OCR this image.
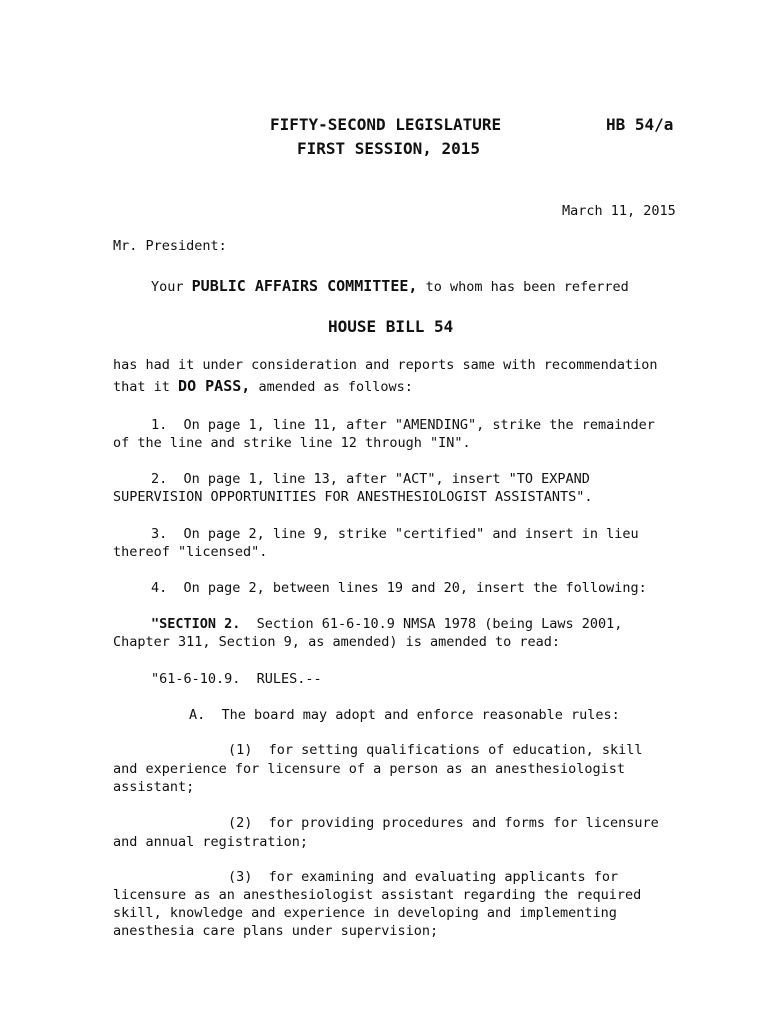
FIFTY-SECOND LEGISLATURE	HB 54/a
FIRST SESSION, 2015
March 11, 2015
Mr. President:
Your PUBLIC AFFAIRS COMMITTEE, to whom has been referred
HOUSE BILL 54
has had it under consideration and reports same with recommendation
that it DO PASS, amended as follows:
1.  On page 1, line 11, after "AMENDING", strike the remainder
of the line and strike line 12 through "IN".
2.  On page 1, line 13, after "ACT", insert "TO EXPAND
SUPERVISION OPPORTUNITIES FOR ANESTHESIOLOGIST ASSISTANTS".
3.  On page 2, line 9, strike "certified" and insert in lieu
thereof "licensed".
4.  On page 2, between lines 19 and 20, insert the following:
"SECTION 2. Section 61-6-10.9 NMSA 1978 (being Laws 2001,
Chapter 311, Section 9, as amended) is amended to read:
"61-6-10.9.  RULES.--
A.  The board may adopt and enforce reasonable rules:
(1)  for setting qualifications of education, skill
and experience for licensure of a person as an anesthesiologist
assistant;
(2)  for providing procedures and forms for licensure
and annual registration;
(3)  for examining and evaluating applicants for
licensure as an anesthesiologist assistant regarding the required
skill, knowledge and experience in developing and implementing
anesthesia care plans under supervision;
